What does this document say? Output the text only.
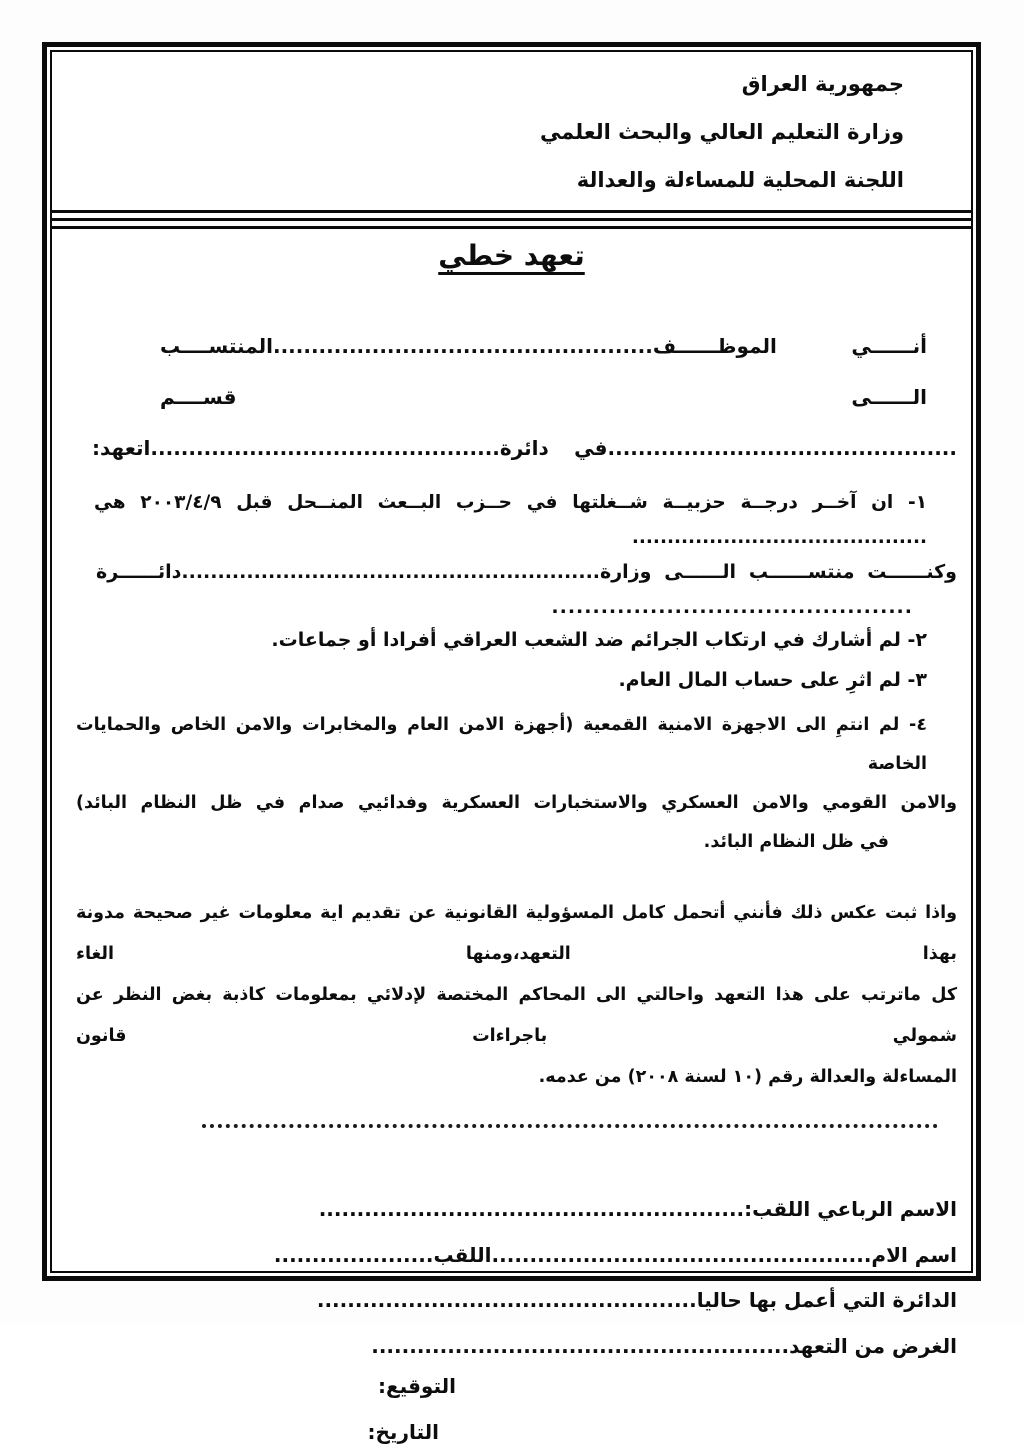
جمهورية العراق
وزارة التعليم العالي والبحث العلمي
اللجنة المحلية للمساءلة والعدالة
تعهد خطي
أنــــــي الموظــــــف..................................................المنتســــب الــــــى قســــم
..............................................في دائرة..............................................اتعهد:
١- ان آخــر درجــة حزبيــة شــغلتها في حــزب البــعث المنــحل قبل ٢٠٠٣/٤/٩ هي ..........................................
وكنــــــت منتســــــب الــــــى وزارة..........................................................دائــــــرة
............................................
٢- لم أشارك في ارتكاب الجرائم ضد الشعب العراقي أفرادا أو جماعات.
٣- لم اثرِ على حساب المال العام.
٤- لم انتمِ الى الاجهزة الامنية القمعية (أجهزة الامن العام والمخابرات والامن الخاص والحمايات الخاصة
والامن القومي والامن العسكري والاستخبارات العسكرية وفدائيي صدام في ظل النظام البائد)
في ظل النظام البائد.
واذا ثبت عكس ذلك فأنني أتحمل كامل المسؤولية القانونية عن تقديم اية معلومات غير صحيحة مدونة بهذا التعهد،ومنها الغاء
كل ماترتب على هذا التعهد واحالتي الى المحاكم المختصة لإدلائي بمعلومات كاذبة بغض النظر عن شمولي باجراءات قانون
المساءلة والعدالة رقم (١٠ لسنة ٢٠٠٨) من عدمه.
الاسم الرباعي اللقب:........................................................
اسم الام..................................................اللقب.....................
الدائرة التي أعمل بها حاليا..................................................
الغرض من التعهد.......................................................
التوقيع:
التاريخ:
